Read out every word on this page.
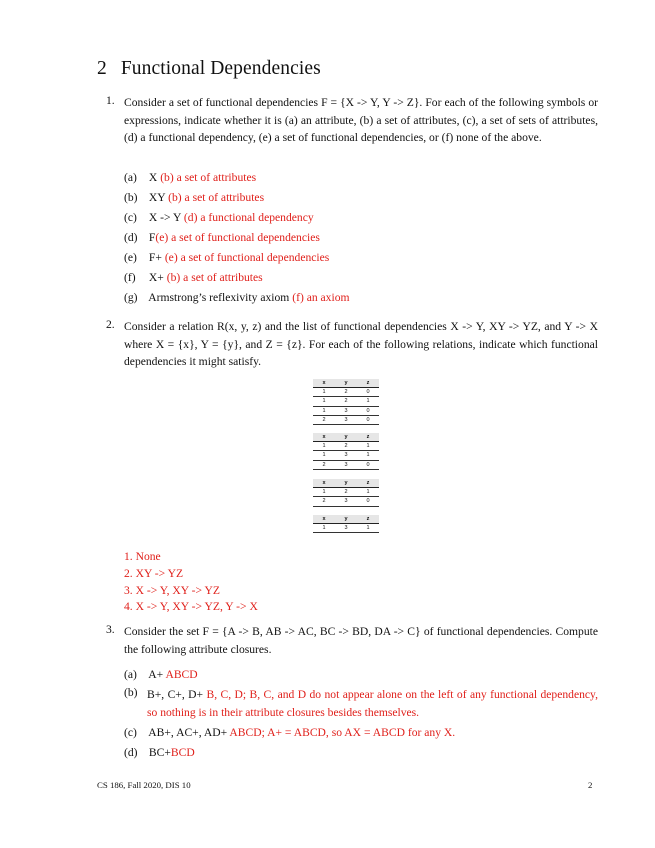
2 Functional Dependencies
1. Consider a set of functional dependencies F = {X -> Y, Y -> Z}. For each of the following symbols or expressions, indicate whether it is (a) an attribute, (b) a set of attributes, (c), a set of sets of attributes, (d) a functional dependency, (e) a set of functional dependencies, or (f) none of the above.
(a) X (b) a set of attributes
(b) XY (b) a set of attributes
(c) X -> Y (d) a functional dependency
(d) F(e) a set of functional dependencies
(e) F+ (e) a set of functional dependencies
(f) X+ (b) a set of attributes
(g) Armstrong’s reflexivity axiom (f) an axiom
2. Consider a relation R(x, y, z) and the list of functional dependencies X -> Y, XY -> YZ, and Y -> X where X = {x}, Y = {y}, and Z = {z}. For each of the following relations, indicate which functional dependencies it might satisfy.
x	y	z
1	2	0
1	2	1
1	3	0
2	3	0
x	y	z
1	2	1
1	3	1
2	3	0
x	y	z
1	2	1
2	3	0
x	y	z
1	3	1
1. None
2. XY -> YZ
3. X -> Y, XY -> YZ
4. X -> Y, XY -> YZ, Y -> X
3. Consider the set F = {A -> B, AB -> AC, BC -> BD, DA -> C} of functional dependencies. Compute the following attribute closures.
(a) A+ ABCD
(b) B+, C+, D+ B, C, D; B, C, and D do not appear alone on the left of any functional dependency, so nothing is in their attribute closures besides themselves.
(c) AB+, AC+, AD+ ABCD; A+ = ABCD, so AX = ABCD for any X.
(d) BC+BCD
CS 186, Fall 2020, DIS 10	2
